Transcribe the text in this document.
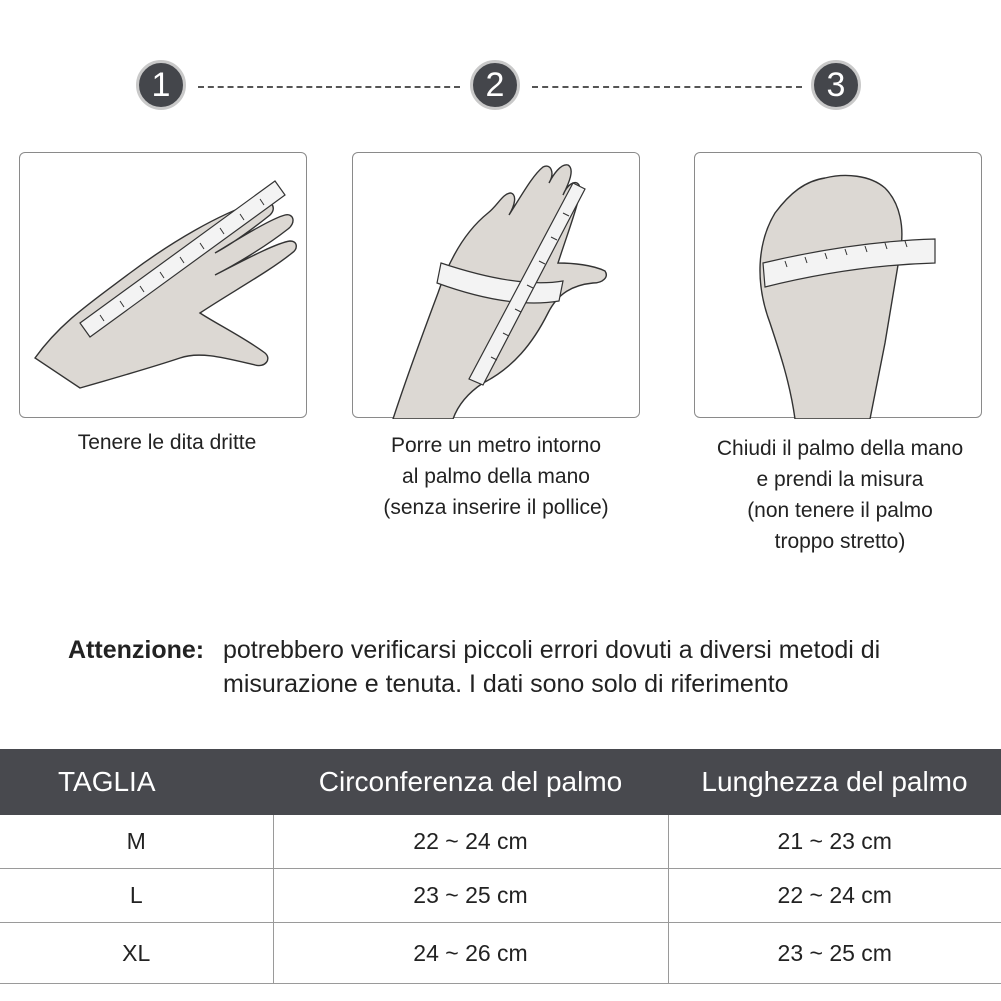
1	2	3
Tenere le dita dritte	Porre un metro intorno
al palmo della mano
(senza inserire il pollice)
Chiudi il palmo della mano
e prendi la misura
(non tenere il palmo
troppo stretto)
Attenzione: potrebbero verificarsi piccoli errori dovuti a diversi metodi di
misurazione e tenuta. I dati sono solo di riferimento
TAGLIA	Circonferenza del palmo	Lunghezza del palmo
M	22 ~ 24 cm	21 ~ 23 cm
L	23 ~ 25 cm	22 ~ 24 cm
XL	24 ~ 26 cm	23 ~ 25 cm
